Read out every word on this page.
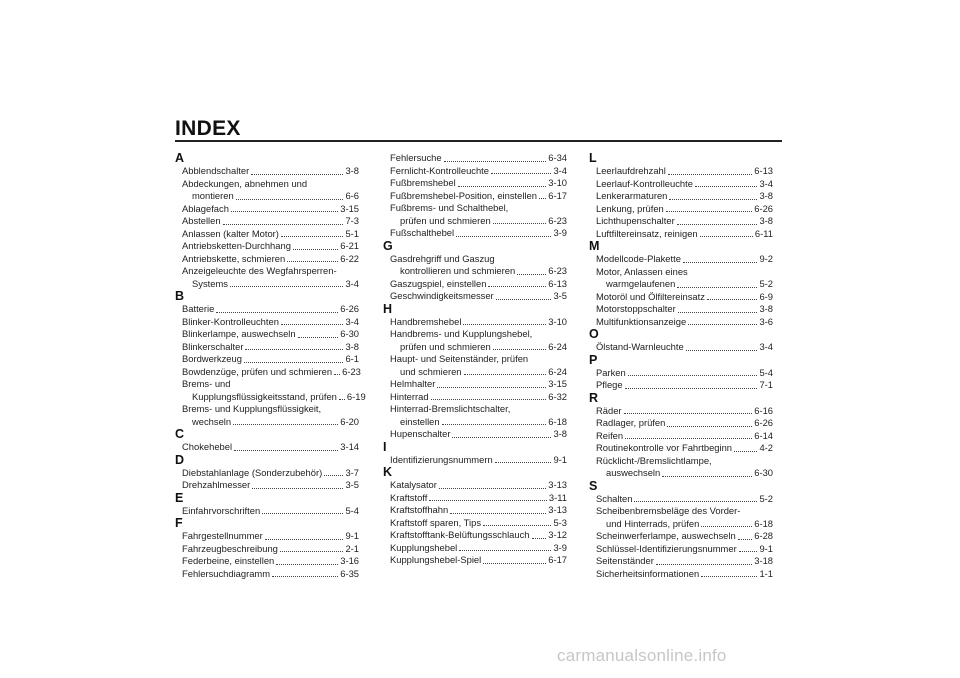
INDEX
A
Abblendschalter	3-8
Abdeckungen, abnehmen und
montieren	6-6
Ablagefach	3-15
Abstellen	7-3
Anlassen (kalter Motor)	5-1
Antriebsketten-Durchhang	6-21
Antriebskette, schmieren	6-22
Anzeigeleuchte des Wegfahrsperren-
Systems	3-4
B
Batterie	6-26
Blinker-Kontrolleuchten	3-4
Blinkerlampe, auswechseln	6-30
Blinkerschalter	3-8
Bordwerkzeug	6-1
Bowdenzüge, prüfen und schmieren 6-23
Brems- und
Kupplungsflüssigkeitsstand, prüfen 6-19
Brems- und Kupplungsflüssigkeit,
wechseln	6-20
C
Chokehebel	3-14
D
Diebstahlanlage (Sonderzubehör) 3-7
Drehzahlmesser	3-5
E
Einfahrvorschriften	5-4
F
Fahrgestellnummer	9-1
Fahrzeugbeschreibung	2-1
Federbeine, einstellen	3-16
Fehlersuchdiagramm	6-35
Fehlersuche	6-34
Fernlicht-Kontrolleuchte	3-4
Fußbremshebel	3-10
Fußbremshebel-Position, einstellen 6-17
Fußbrems- und Schalthebel,
prüfen und schmieren	6-23
Fußschalthebel	3-9
G
Gasdrehgriff und Gaszug
kontrollieren und schmieren	6-23
Gaszugspiel, einstellen	6-13
Geschwindigkeitsmesser	3-5
H
Handbremshebel	3-10
Handbrems- und Kupplungshebel,
prüfen und schmieren	6-24
Haupt- und Seitenständer, prüfen
und schmieren	6-24
Helmhalter	3-15
Hinterrad	6-32
Hinterrad-Bremslichtschalter,
einstellen	6-18
Hupenschalter	3-8
I
Identifizierungsnummern	9-1
K
Katalysator	3-13
Kraftstoff	3-11
Kraftstoffhahn	3-13
Kraftstoff sparen, Tips	5-3
Kraftstofftank-Belüftungsschlauch 3-12
Kupplungshebel	3-9
Kupplungshebel-Spiel	6-17
L
Leerlaufdrehzahl	6-13
Leerlauf-Kontrolleuchte	3-4
Lenkerarmaturen	3-8
Lenkung, prüfen	6-26
Lichthupenschalter	3-8
Luftfiltereinsatz, reinigen	6-11
M
Modellcode-Plakette	9-2
Motor, Anlassen eines
warmgelaufenen	5-2
Motoröl und Ölfiltereinsatz	6-9
Motorstoppschalter	3-8
Multifunktionsanzeige	3-6
O
Ölstand-Warnleuchte	3-4
P
Parken	5-4
Pflege	7-1
R
Räder	6-16
Radlager, prüfen	6-26
Reifen	6-14
Routinekontrolle vor Fahrtbeginn	4-2
Rücklicht-/Bremslichtlampe,
auswechseln	6-30
S
Schalten	5-2
Scheibenbremsbeläge des Vorder-
und Hinterrads, prüfen	6-18
Scheinwerferlampe, auswechseln 6-28
Schlüssel-Identifizierungsnummer 9-1
Seitenständer	3-18
Sicherheitsinformationen	1-1
carmanualsonline.info
